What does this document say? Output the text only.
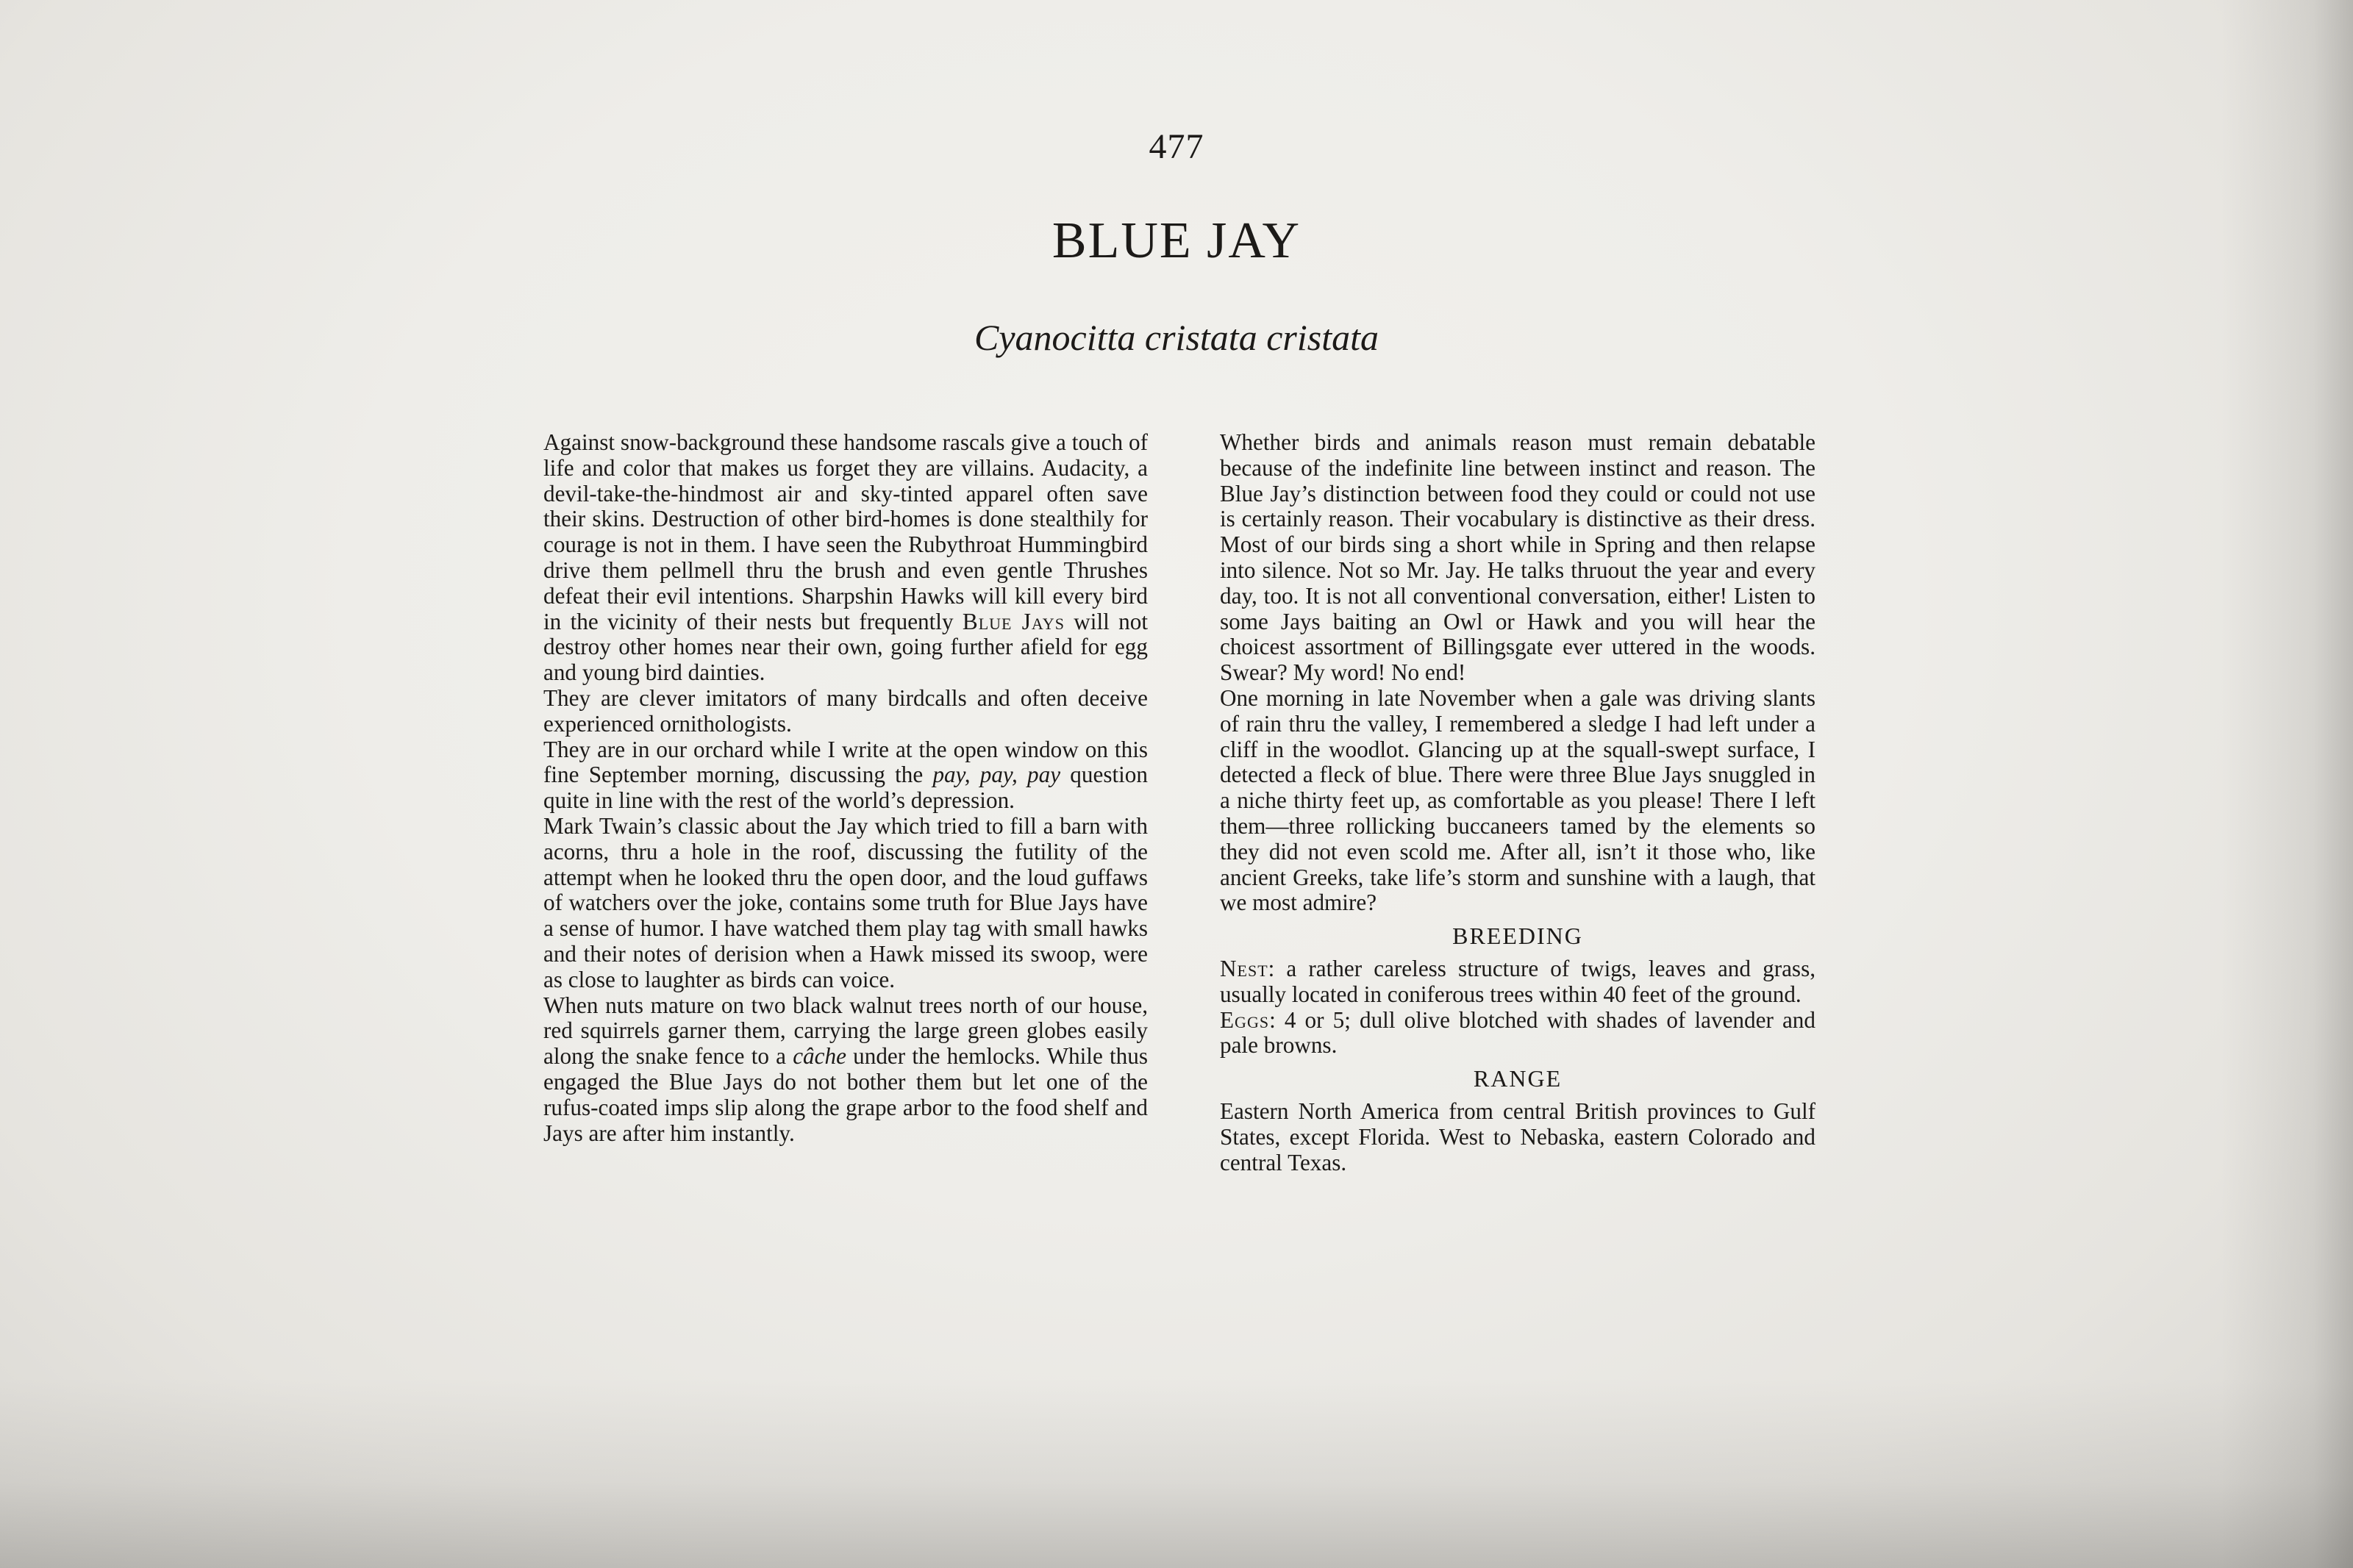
477
BLUE JAY
Cyanocitta cristata cristata

Against snow-background these handsome rascals give a touch of life and color that makes us forget they are villains. Audacity, a devil-take-the-hindmost air and sky-tinted apparel often save their skins. Destruction of other bird-homes is done stealthily for courage is not in them. I have seen the Rubythroat Hummingbird drive them pellmell thru the brush and even gentle Thrushes defeat their evil intentions. Sharpshin Hawks will kill every bird in the vicinity of their nests but frequently Blue Jays will not destroy other homes near their own, going further afield for egg and young bird dainties.

They are clever imitators of many birdcalls and often deceive experienced ornithologists.

They are in our orchard while I write at the open window on this fine September morning, discussing the pay, pay, pay question quite in line with the rest of the world’s depression.

Mark Twain’s classic about the Jay which tried to fill a barn with acorns, thru a hole in the roof, discussing the futility of the attempt when he looked thru the open door, and the loud guffaws of watchers over the joke, contains some truth for Blue Jays have a sense of humor. I have watched them play tag with small hawks and their notes of derision when a Hawk missed its swoop, were as close to laughter as birds can voice.

When nuts mature on two black walnut trees north of our house, red squirrels garner them, carrying the large green globes easily along the snake fence to a câche under the hemlocks. While thus engaged the Blue Jays do not bother them but let one of the rufus-coated imps slip along the grape arbor to the food shelf and Jays are after him instantly.

Whether birds and animals reason must remain debatable because of the indefinite line between instinct and reason. The Blue Jay’s distinction between food they could or could not use is certainly reason. Their vocabulary is distinctive as their dress. Most of our birds sing a short while in Spring and then relapse into silence. Not so Mr. Jay. He talks thruout the year and every day, too. It is not all conventional conversation, either! Listen to some Jays baiting an Owl or Hawk and you will hear the choicest assortment of Billingsgate ever uttered in the woods. Swear? My word! No end!

One morning in late November when a gale was driving slants of rain thru the valley, I remembered a sledge I had left under a cliff in the woodlot. Glancing up at the squall-swept surface, I detected a fleck of blue. There were three Blue Jays snuggled in a niche thirty feet up, as comfortable as you please! There I left them—three rollicking buccaneers tamed by the elements so they did not even scold me. After all, isn’t it those who, like ancient Greeks, take life’s storm and sunshine with a laugh, that we most admire?

BREEDING

Nest: a rather careless structure of twigs, leaves and grass, usually located in coniferous trees within 40 feet of the ground.

Eggs: 4 or 5; dull olive blotched with shades of lavender and pale browns.

RANGE

Eastern North America from central British provinces to Gulf States, except Florida. West to Nebaska, eastern Colorado and central Texas.
